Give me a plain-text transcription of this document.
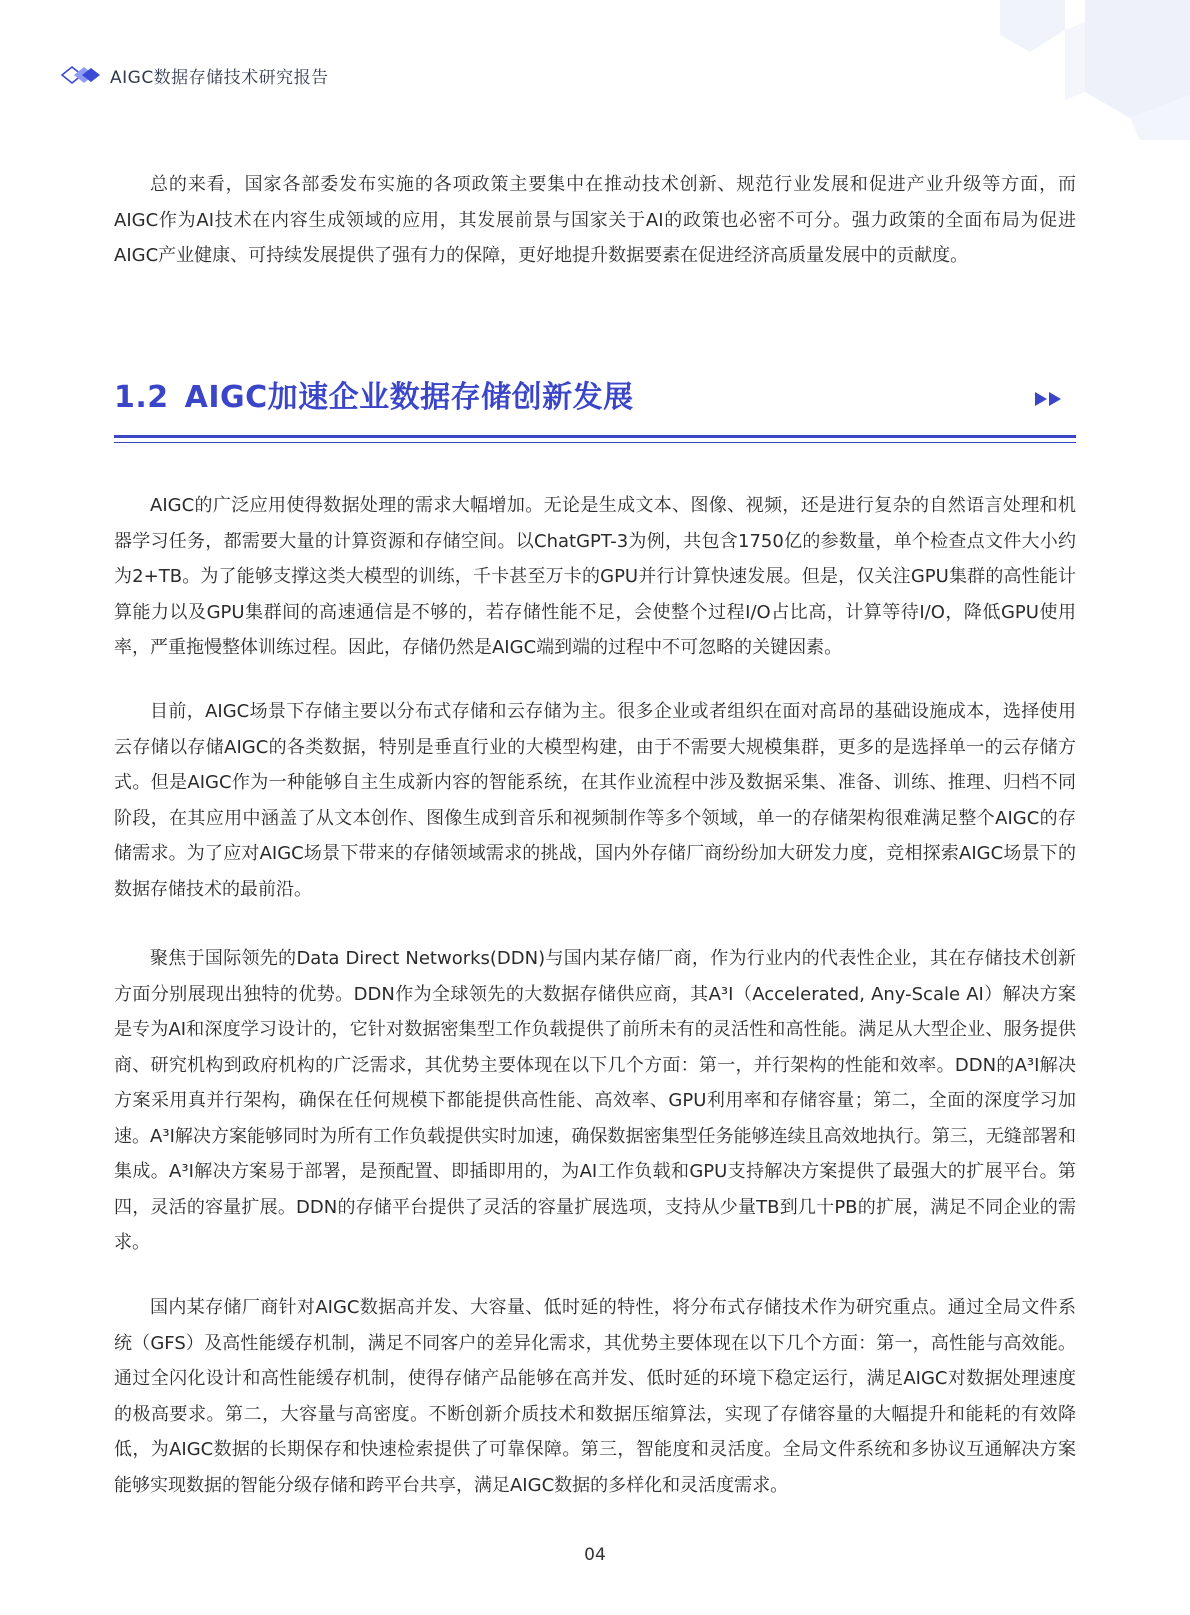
AIGC数据存储技术研究报告

总的来看，国家各部委发布实施的各项政策主要集中在推动技术创新、规范行业发展和促进产业升级等方面，而AIGC作为AI技术在内容生成领域的应用，其发展前景与国家关于AI的政策也必密不可分。强力政策的全面布局为促进AIGC产业健康、可持续发展提供了强有力的保障，更好地提升数据要素在促进经济高质量发展中的贡献度。

1.2 AIGC加速企业数据存储创新发展

AIGC的广泛应用使得数据处理的需求大幅增加。无论是生成文本、图像、视频，还是进行复杂的自然语言处理和机器学习任务，都需要大量的计算资源和存储空间。以ChatGPT-3为例，共包含1750亿的参数量，单个检查点文件大小约为2+TB。为了能够支撑这类大模型的训练，千卡甚至万卡的GPU并行计算快速发展。但是，仅关注GPU集群的高性能计算能力以及GPU集群间的高速通信是不够的，若存储性能不足，会使整个过程I/O占比高，计算等待I/O，降低GPU使用率，严重拖慢整体训练过程。因此，存储仍然是AIGC端到端的过程中不可忽略的关键因素。

目前，AIGC场景下存储主要以分布式存储和云存储为主。很多企业或者组织在面对高昂的基础设施成本，选择使用云存储以存储AIGC的各类数据，特别是垂直行业的大模型构建，由于不需要大规模集群，更多的是选择单一的云存储方式。但是AIGC作为一种能够自主生成新内容的智能系统，在其作业流程中涉及数据采集、准备、训练、推理、归档不同阶段，在其应用中涵盖了从文本创作、图像生成到音乐和视频制作等多个领域，单一的存储架构很难满足整个AIGC的存储需求。为了应对AIGC场景下带来的存储领域需求的挑战，国内外存储厂商纷纷加大研发力度，竞相探索AIGC场景下的数据存储技术的最前沿。

聚焦于国际领先的Data Direct Networks(DDN)与国内某存储厂商，作为行业内的代表性企业，其在存储技术创新方面分别展现出独特的优势。DDN作为全球领先的大数据存储供应商，其A³I（Accelerated, Any-Scale AI）解决方案是专为AI和深度学习设计的，它针对数据密集型工作负载提供了前所未有的灵活性和高性能。满足从大型企业、服务提供商、研究机构到政府机构的广泛需求，其优势主要体现在以下几个方面：第一，并行架构的性能和效率。DDN的A³I解决方案采用真并行架构，确保在任何规模下都能提供高性能、高效率、GPU利用率和存储容量；第二，全面的深度学习加速。A³I解决方案能够同时为所有工作负载提供实时加速，确保数据密集型任务能够连续且高效地执行。第三，无缝部署和集成。A³I解决方案易于部署，是预配置、即插即用的，为AI工作负载和GPU支持解决方案提供了最强大的扩展平台。第四，灵活的容量扩展。DDN的存储平台提供了灵活的容量扩展选项，支持从少量TB到几十PB的扩展，满足不同企业的需求。

国内某存储厂商针对AIGC数据高并发、大容量、低时延的特性，将分布式存储技术作为研究重点。通过全局文件系统（GFS）及高性能缓存机制，满足不同客户的差异化需求，其优势主要体现在以下几个方面：第一，高性能与高效能。通过全闪化设计和高性能缓存机制，使得存储产品能够在高并发、低时延的环境下稳定运行，满足AIGC对数据处理速度的极高要求。第二，大容量与高密度。不断创新介质技术和数据压缩算法，实现了存储容量的大幅提升和能耗的有效降低，为AIGC数据的长期保存和快速检索提供了可靠保障。第三，智能度和灵活度。全局文件系统和多协议互通解决方案能够实现数据的智能分级存储和跨平台共享，满足AIGC数据的多样化和灵活度需求。

04
